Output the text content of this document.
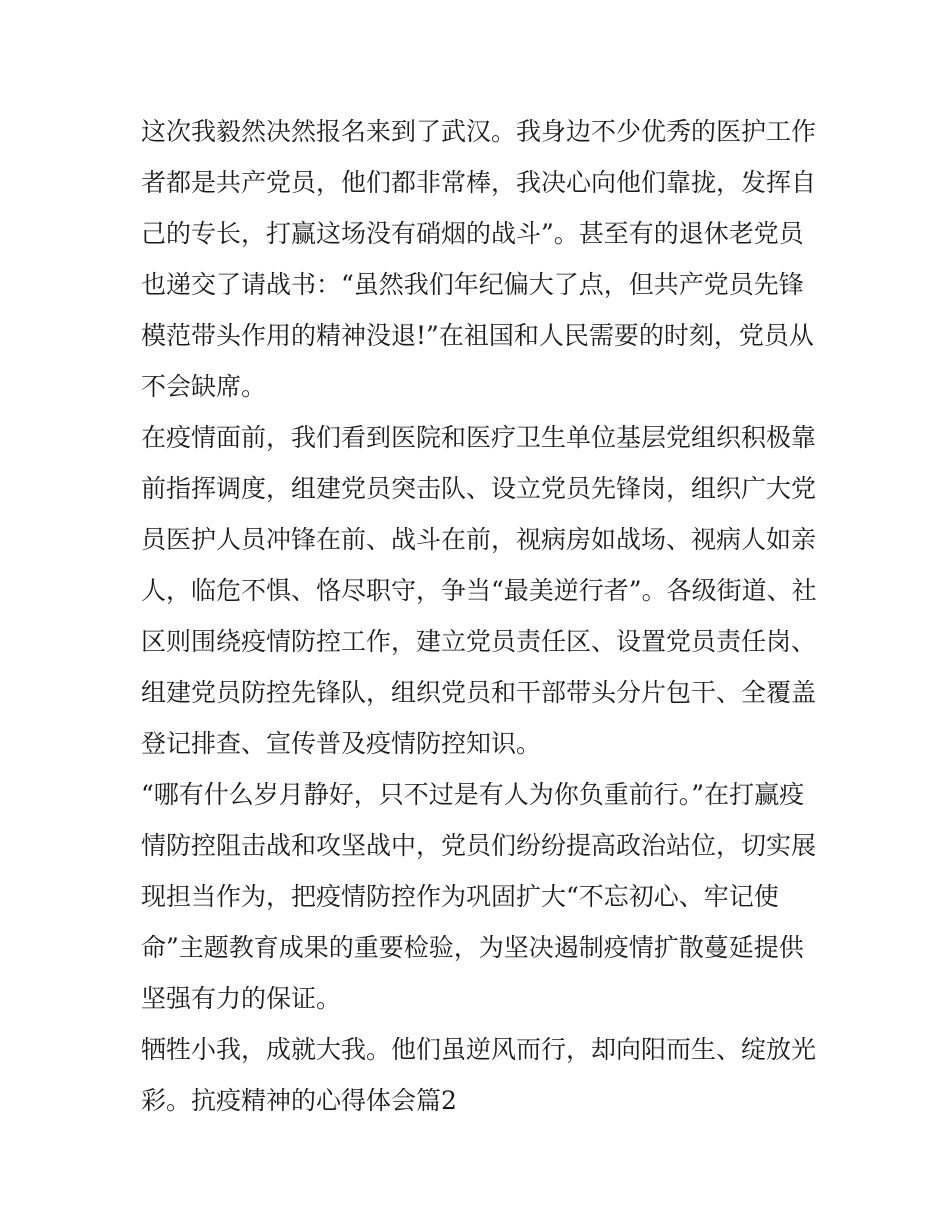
这次我毅然决然报名来到了武汉。我身边不少优秀的医护工作
者都是共产党员，他们都非常棒，我决心向他们靠拢，发挥自
己的专长，打赢这场没有硝烟的战斗”。甚至有的退休老党员
也递交了请战书：“虽然我们年纪偏大了点，但共产党员先锋
模范带头作用的精神没退!”在祖国和人民需要的时刻，党员从
不会缺席。
在疫情面前，我们看到医院和医疗卫生单位基层党组织积极靠
前指挥调度，组建党员突击队、设立党员先锋岗，组织广大党
员医护人员冲锋在前、战斗在前，视病房如战场、视病人如亲
人，临危不惧、恪尽职守，争当“最美逆行者”。各级街道、社
区则围绕疫情防控工作，建立党员责任区、设置党员责任岗、
组建党员防控先锋队，组织党员和干部带头分片包干、全覆盖
登记排查、宣传普及疫情防控知识。
“哪有什么岁月静好，只不过是有人为你负重前行。”在打赢疫
情防控阻击战和攻坚战中，党员们纷纷提高政治站位，切实展
现担当作为，把疫情防控作为巩固扩大“不忘初心、牢记使
命”主题教育成果的重要检验，为坚决遏制疫情扩散蔓延提供
坚强有力的保证。
牺牲小我，成就大我。他们虽逆风而行，却向阳而生、绽放光
彩。抗疫精神的心得体会篇2
